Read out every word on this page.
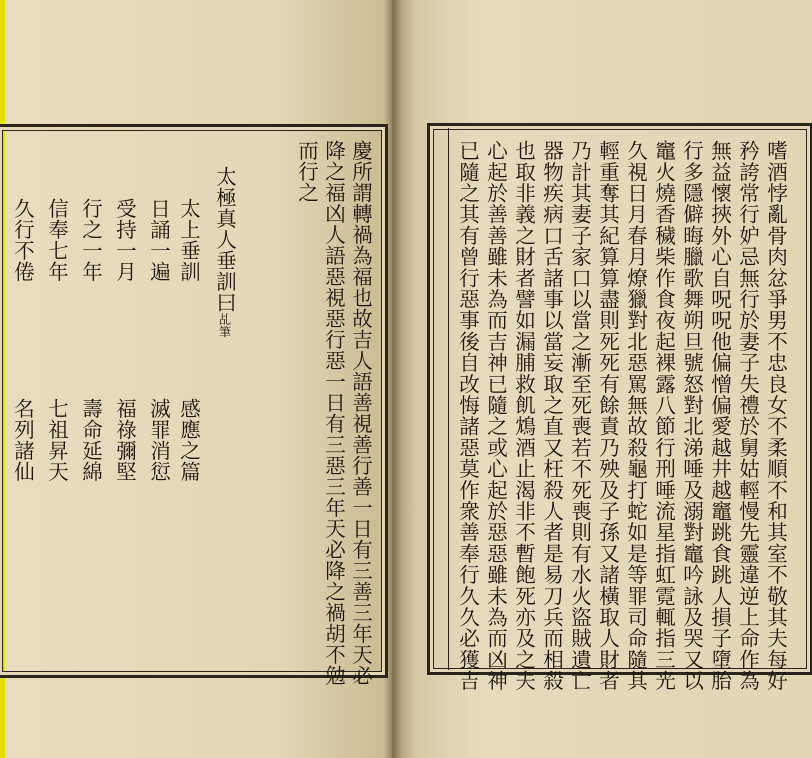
慶所謂轉禍為福也故吉人語善視善行善一日有三善三年天必
降之福凶人語惡視惡行惡一日有三惡三年天必降之禍胡不勉
而行之
太極真人垂訓曰乩筆
太上垂訓
日誦一遍
受持一月
行之一年
信奉七年
久行不倦
感應之篇
滅罪消愆
福祿彌堅
壽命延綿
七祖昇天
名列諸仙	嗜酒悖亂骨肉忿爭男不忠良女不柔順不和其室不敬其夫每好
矜誇常行妒忌無行於妻子失禮於舅姑輕慢先靈違逆上命作為
無益懷挾外心自呪呪他偏憎偏愛越井越竈跳食跳人損子墮胎
行多隱僻晦臘歌舞朔旦號怒對北涕唾及溺對竈吟詠及哭又以
竈火燒香穢柴作食夜起裸露八節行刑唾流星指虹霓輒指三光
久視日月春月燎獵對北惡罵無故殺龜打蛇如是等罪司命隨其
輕重奪其紀算算盡則死死有餘責乃殃及子孫又諸橫取人財者
乃計其妻子家口以當之漸至死喪若不死喪則有水火盜賊遺亡
器物疾病口舌諸事以當妄取之直又枉殺人者是易刀兵而相殺
也取非義之財者譬如漏脯救飢鴆酒止渴非不暫飽死亦及之夫
心起於善善雖未為而吉神已隨之或心起於惡惡雖未為而凶神
已隨之其有曾行惡事後自改悔諸惡莫作衆善奉行久久必獲吉
